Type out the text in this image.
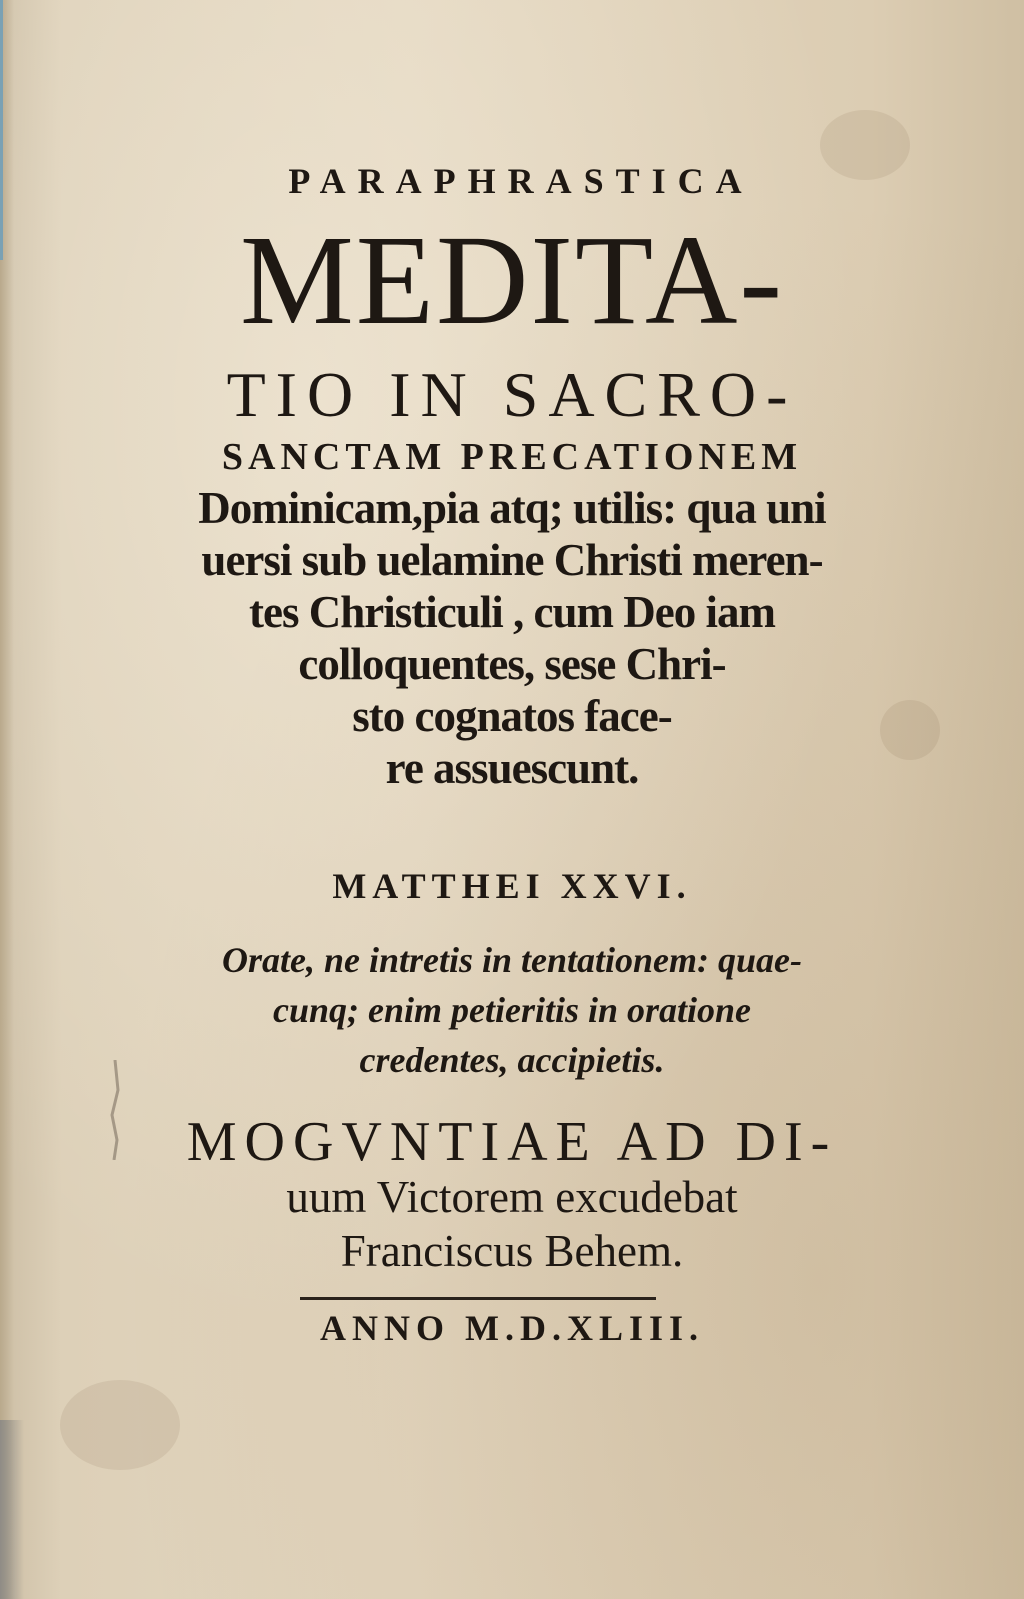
PARAPHRASTICA
MEDITA-
TIO IN SACRO-
SANCTAM PRECATIONEM
Dominicam,pia atq; utilis: qua uni
uersi sub uelamine Christi meren-
tes Christiculi , cum Deo iam
colloquentes, sese Chri-
sto cognatos face-
re assuescunt.
MATTHEI XXVI.
Orate, ne intretis in tentationem: quae-
cunq; enim petieritis in oratione
credentes, accipietis.
MOGVNTIAE AD DI-
uum Victorem excudebat
Franciscus Behem.
ANNO M.D.XLIII.
